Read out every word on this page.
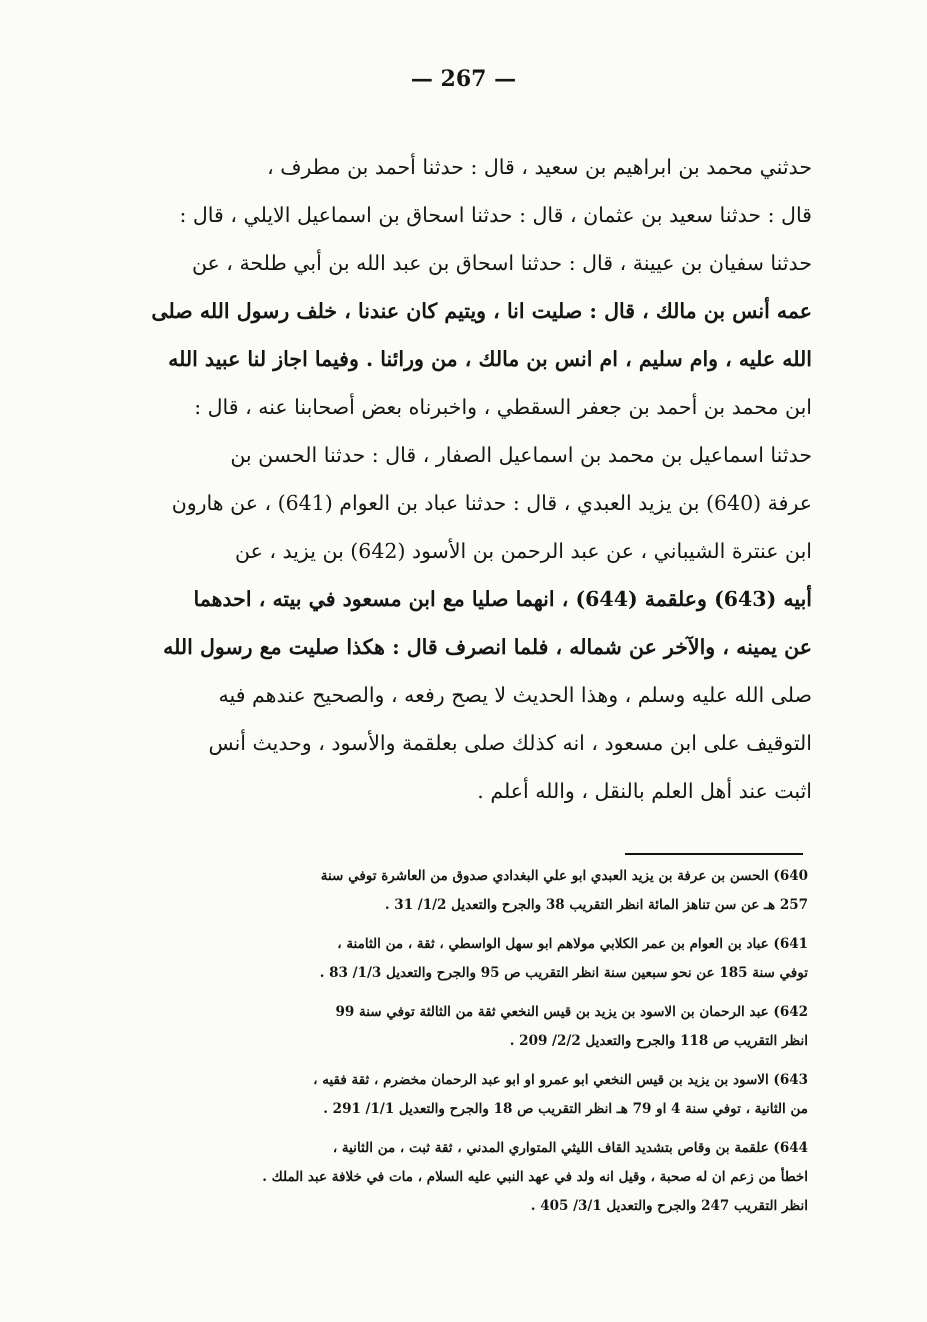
— 267 —
حدثني محمد بن ابراهيم بن سعيد ، قال : حدثنا أحمد بن مطرف ،
قال : حدثنا سعيد بن عثمان ، قال : حدثنا اسحاق بن اسماعيل الايلي ، قال :
حدثنا سفيان بن عيينة ، قال : حدثنا اسحاق بن عبد الله بن أبي طلحة ، عن
عمه أنس بن مالك ، قال : صليت انا ، ويتيم كان عندنا ، خلف رسول الله صلى
الله عليه ، وام سليم ، ام انس بن مالك ، من ورائنا . وفيما اجاز لنا عبيد الله
ابن محمد بن أحمد بن جعفر السقطي ، واخبرناه بعض أصحابنا عنه ، قال :
حدثنا اسماعيل بن محمد بن اسماعيل الصفار ، قال : حدثنا الحسن بن
عرفة (640) بن يزيد العبدي ، قال : حدثنا عباد بن العوام (641) ، عن هارون
ابن عنترة الشيباني ، عن عبد الرحمن بن الأسود (642) بن يزيد ، عن
أبيه (643) وعلقمة (644) ، انهما صليا مع ابن مسعود في بيته ، احدهما
عن يمينه ، والآخر عن شماله ، فلما انصرف قال : هكذا صليت مع رسول الله
صلى الله عليه وسلم ، وهذا الحديث لا يصح رفعه ، والصحيح عندهم فيه
التوقيف على ابن مسعود ، انه كذلك صلى بعلقمة والأسود ، وحديث أنس
اثبت عند أهل العلم بالنقل ، والله أعلم .
640) الحسن بن عرفة بن يزيد العبدي ابو علي البغدادي صدوق من العاشرة توفي سنة
257 هـ عن سن تناهز المائة انظر التقريب 38 والجرح والتعديل 1/2/ 31 .
641) عباد بن العوام بن عمر الكلابي مولاهم ابو سهل الواسطي ، ثقة ، من الثامنة ،
توفي سنة 185 عن نحو سبعين سنة انظر التقريب ص 95 والجرح والتعديل 1/3/ 83 .
642) عبد الرحمان بن الاسود بن يزيد بن قيس النخعي ثقة من الثالثة توفي سنة 99
انظر التقريب ص 118 والجرح والتعديل 2/2/ 209 .
643) الاسود بن يزيد بن قيس النخعي ابو عمرو او ابو عبد الرحمان مخضرم ، ثقة فقيه ،
من الثانية ، توفي سنة 4 او 79 هـ انظر التقريب ص 18 والجرح والتعديل 1/1/ 291 .
644) علقمة بن وقاص بتشديد القاف الليثي المتواري المدني ، ثقة ثبت ، من الثانية ،
اخطأ من زعم ان له صحبة ، وقيل انه ولد في عهد النبي عليه السلام ، مات في خلافة عبد الملك .
انظر التقريب 247 والجرح والتعديل 3/1/ 405 .
